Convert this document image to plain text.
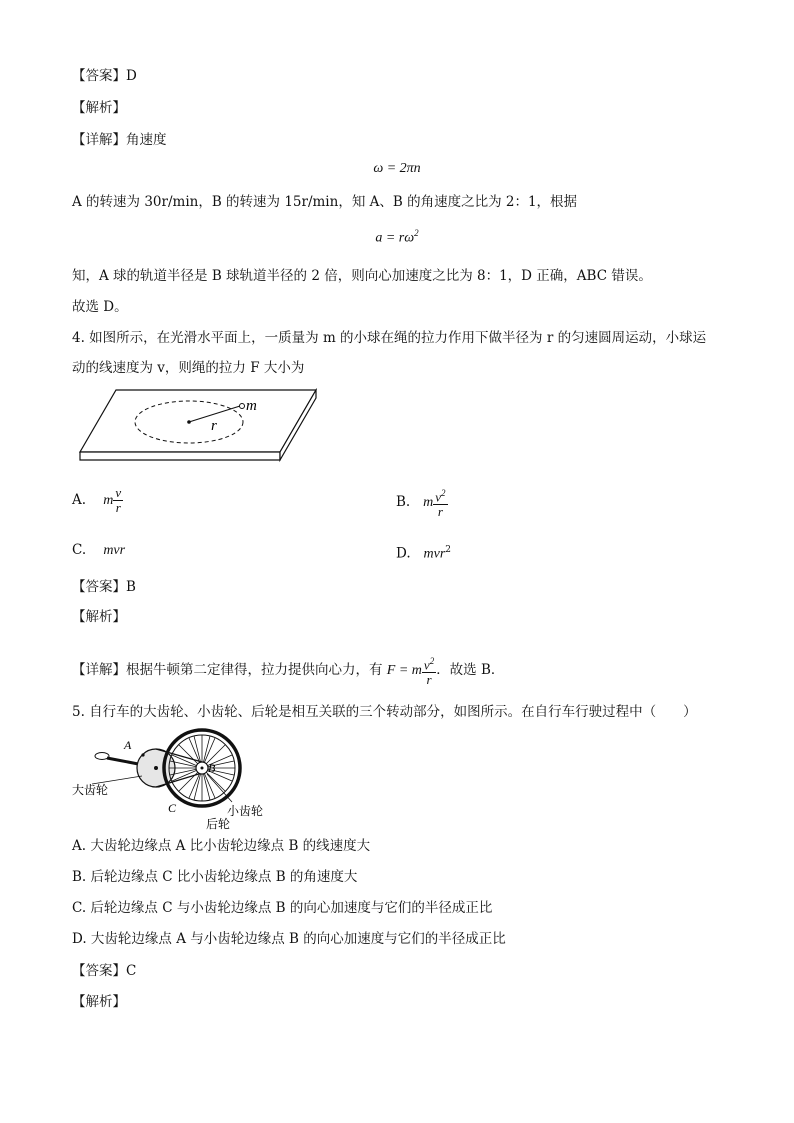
【答案】D
【解析】
【详解】角速度
ω = 2πn
A 的转速为 30r/min，B 的转速为 15r/min，知 A、B 的角速度之比为 2：1，根据
$a = r\omega^2$
知，A 球的轨道半径是 B 球轨道半径的 2 倍，则向心加速度之比为 8：1，D 正确，ABC 错误。
故选 D。
4. 如图所示，在光滑水平面上，一质量为 m 的小球在绳的拉力作用下做半径为 r 的匀速圆周运动，小球运
动的线速度为 v，则绳的拉力 F 大小为
m
r
A. m $\frac{v}{r}$	B. m $\frac{v^2}{r}$
C. mvr	D. mvr$^2$
【答案】B
【解析】
【详解】根据牛顿第二定律得，拉力提供向心力，有 F = m $\frac{v^2}{r}$ ．故选 B．
5. 自行车的大齿轮、小齿轮、后轮是相互关联的三个转动部分，如图所示。在自行车行驶过程中（　　）
A
B
C
大齿轮
小齿轮
后轮
A. 大齿轮边缘点 A 比小齿轮边缘点 B 的线速度大
B. 后轮边缘点 C 比小齿轮边缘点 B 的角速度大
C. 后轮边缘点 C 与小齿轮边缘点 B 的向心加速度与它们的半径成正比
D. 大齿轮边缘点 A 与小齿轮边缘点 B 的向心加速度与它们的半径成正比
【答案】C
【解析】
